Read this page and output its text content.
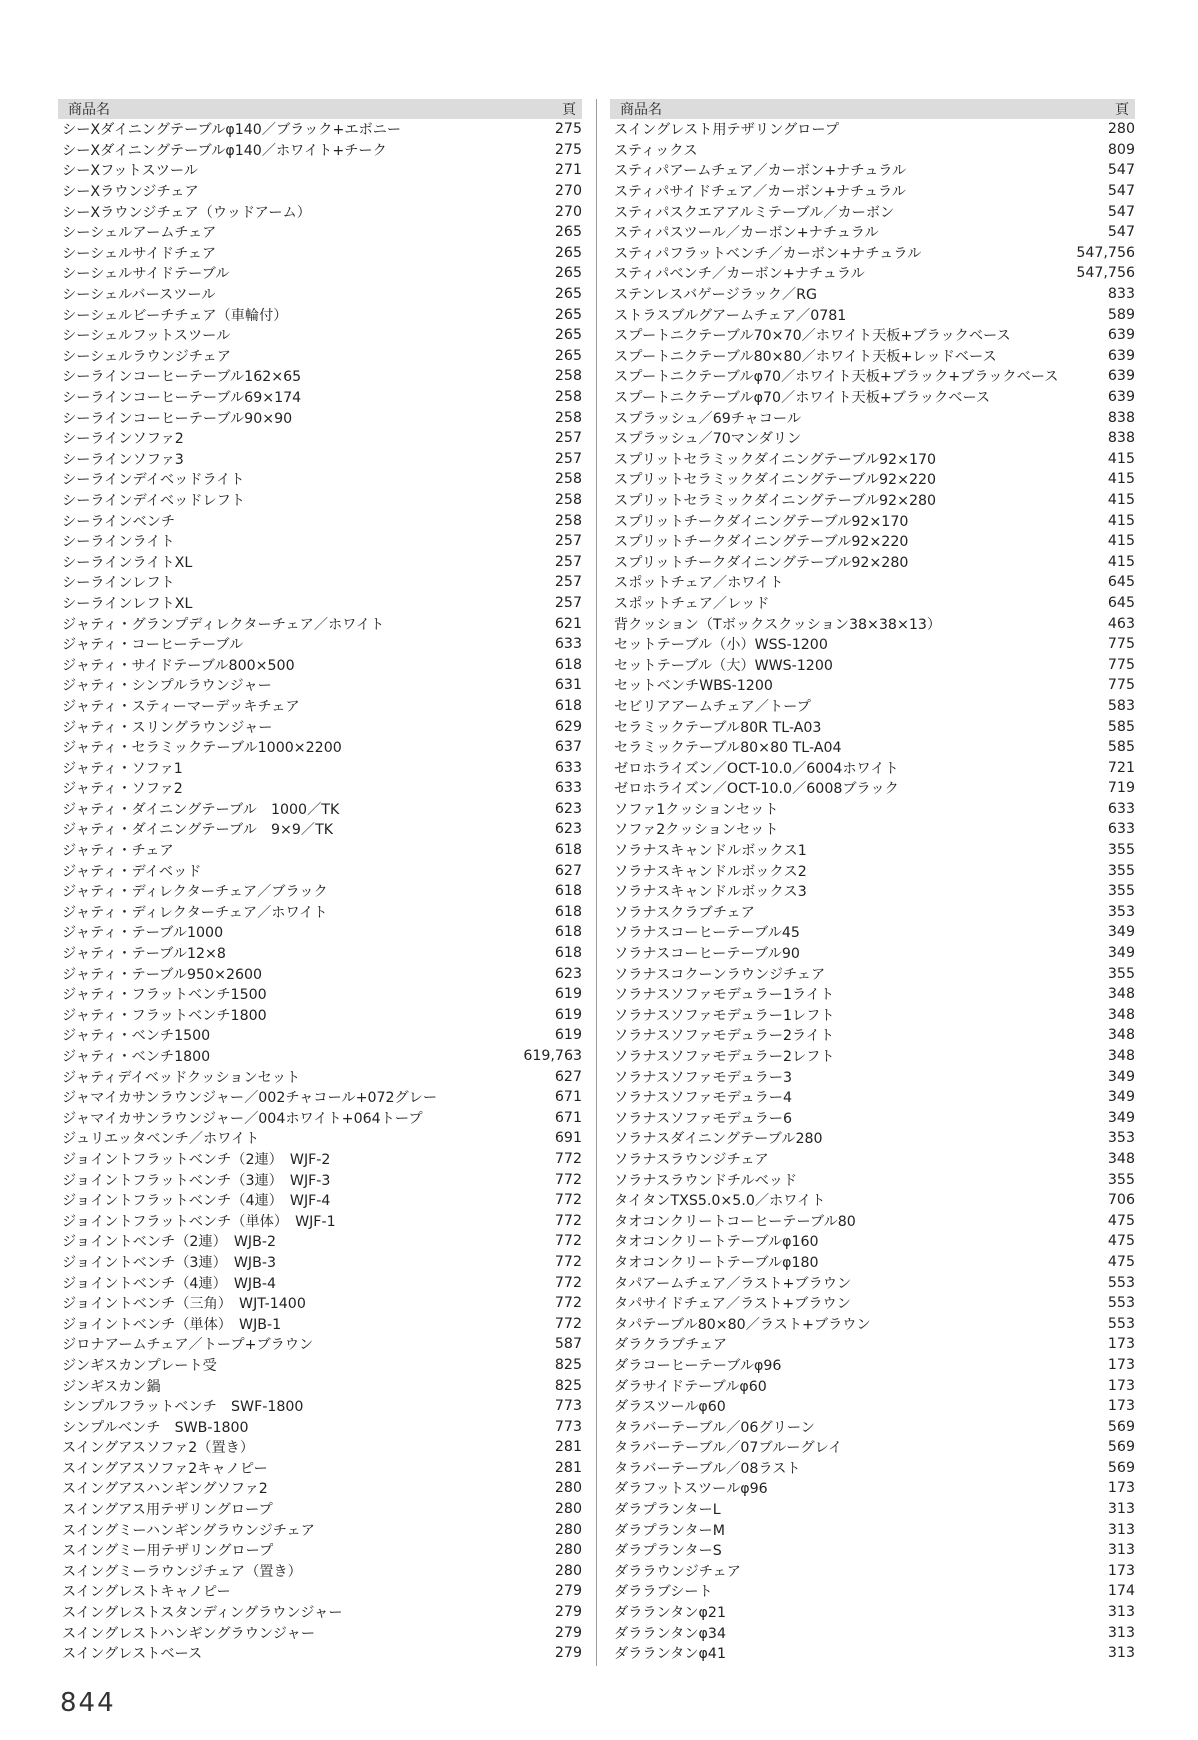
商品名	頁
シーXダイニングテーブルφ140／ブラック+エボニー	275
シーXダイニングテーブルφ140／ホワイト+チーク	275
シーXフットスツール	271
シーXラウンジチェア	270
シーXラウンジチェア（ウッドアーム）	270
シーシェルアームチェア	265
シーシェルサイドチェア	265
シーシェルサイドテーブル	265
シーシェルバースツール	265
シーシェルビーチチェア（車輪付）	265
シーシェルフットスツール	265
シーシェルラウンジチェア	265
シーラインコーヒーテーブル162×65	258
シーラインコーヒーテーブル69×174	258
シーラインコーヒーテーブル90×90	258
シーラインソファ2	257
シーラインソファ3	257
シーラインデイベッドライト	258
シーラインデイベッドレフト	258
シーラインベンチ	258
シーラインライト	257
シーラインライトXL	257
シーラインレフト	257
シーラインレフトXL	257
ジャティ・グランプディレクターチェア／ホワイト	621
ジャティ・コーヒーテーブル	633
ジャティ・サイドテーブル800×500	618
ジャティ・シンプルラウンジャー	631
ジャティ・スティーマーデッキチェア	618
ジャティ・スリングラウンジャー	629
ジャティ・セラミックテーブル1000×2200	637
ジャティ・ソファ1	633
ジャティ・ソファ2	633
ジャティ・ダイニングテーブル　1000／TK	623
ジャティ・ダイニングテーブル　9×9／TK	623
ジャティ・チェア	618
ジャティ・デイベッド	627
ジャティ・ディレクターチェア／ブラック	618
ジャティ・ディレクターチェア／ホワイト	618
ジャティ・テーブル1000	618
ジャティ・テーブル12×8	618
ジャティ・テーブル950×2600	623
ジャティ・フラットベンチ1500	619
ジャティ・フラットベンチ1800	619
ジャティ・ベンチ1500	619
ジャティ・ベンチ1800	619,763
ジャティデイベッドクッションセット	627
ジャマイカサンラウンジャー／002チャコール+072グレー	671
ジャマイカサンラウンジャー／004ホワイト+064トープ	671
ジュリエッタベンチ／ホワイト	691
ジョイントフラットベンチ（2連）　WJF-2	772
ジョイントフラットベンチ（3連）　WJF-3	772
ジョイントフラットベンチ（4連）　WJF-4	772
ジョイントフラットベンチ（単体）　WJF-1	772
ジョイントベンチ（2連）　WJB-2	772
ジョイントベンチ（3連）　WJB-3	772
ジョイントベンチ（4連）　WJB-4	772
ジョイントベンチ（三角）　WJT-1400	772
ジョイントベンチ（単体）　WJB-1	772
ジロナアームチェア／トープ+ブラウン	587
ジンギスカンプレート受	825
ジンギスカン鍋	825
シンプルフラットベンチ　SWF-1800	773
シンプルベンチ　SWB-1800	773
スイングアスソファ2（置き）	281
スイングアスソファ2キャノピー	281
スイングアスハンギングソファ2	280
スイングアス用テザリングロープ	280
スイングミーハンギングラウンジチェア	280
スイングミー用テザリングロープ	280
スイングミーラウンジチェア（置き）	280
スイングレストキャノピー	279
スイングレストスタンディングラウンジャー	279
スイングレストハンギングラウンジャー	279
スイングレストベース	279
商品名	頁
スイングレスト用テザリングロープ	280
スティックス	809
スティパアームチェア／カーボン+ナチュラル	547
スティパサイドチェア／カーボン+ナチュラル	547
スティパスクエアアルミテーブル／カーボン	547
スティパスツール／カーボン+ナチュラル	547
スティパフラットベンチ／カーボン+ナチュラル	547,756
スティパベンチ／カーボン+ナチュラル	547,756
ステンレスバゲージラック／RG	833
ストラスブルグアームチェア／0781	589
スプートニクテーブル70×70／ホワイト天板+ブラックベース	639
スプートニクテーブル80×80／ホワイト天板+レッドベース	639
スプートニクテーブルφ70／ホワイト天板+ブラック+ブラックベース	639
スプートニクテーブルφ70／ホワイト天板+ブラックベース	639
スプラッシュ／69チャコール	838
スプラッシュ／70マンダリン	838
スプリットセラミックダイニングテーブル92×170	415
スプリットセラミックダイニングテーブル92×220	415
スプリットセラミックダイニングテーブル92×280	415
スプリットチークダイニングテーブル92×170	415
スプリットチークダイニングテーブル92×220	415
スプリットチークダイニングテーブル92×280	415
スポットチェア／ホワイト	645
スポットチェア／レッド	645
背クッション（Tボックスクッション38×38×13）	463
セットテーブル（小）WSS-1200	775
セットテーブル（大）WWS-1200	775
セットベンチWBS-1200	775
セビリアアームチェア／トープ	583
セラミックテーブル80R TL-A03	585
セラミックテーブル80×80 TL-A04	585
ゼロホライズン／OCT-10.0／6004ホワイト	721
ゼロホライズン／OCT-10.0／6008ブラック	719
ソファ1クッションセット	633
ソファ2クッションセット	633
ソラナスキャンドルボックス1	355
ソラナスキャンドルボックス2	355
ソラナスキャンドルボックス3	355
ソラナスクラブチェア	353
ソラナスコーヒーテーブル45	349
ソラナスコーヒーテーブル90	349
ソラナスコクーンラウンジチェア	355
ソラナスソファモデュラー1ライト	348
ソラナスソファモデュラー1レフト	348
ソラナスソファモデュラー2ライト	348
ソラナスソファモデュラー2レフト	348
ソラナスソファモデュラー3	349
ソラナスソファモデュラー4	349
ソラナスソファモデュラー6	349
ソラナスダイニングテーブル280	353
ソラナスラウンジチェア	348
ソラナスラウンドチルベッド	355
タイタンTXS5.0×5.0／ホワイト	706
タオコンクリートコーヒーテーブル80	475
タオコンクリートテーブルφ160	475
タオコンクリートテーブルφ180	475
タパアームチェア／ラスト+ブラウン	553
タパサイドチェア／ラスト+ブラウン	553
タパテーブル80×80／ラスト+ブラウン	553
ダラクラブチェア	173
ダラコーヒーテーブルφ96	173
ダラサイドテーブルφ60	173
ダラスツールφ60	173
タラバーテーブル／06グリーン	569
タラバーテーブル／07ブルーグレイ	569
タラバーテーブル／08ラスト	569
ダラフットスツールφ96	173
ダラプランターL	313
ダラプランターM	313
ダラプランターS	313
ダララウンジチェア	173
ダララブシート	174
ダラランタンφ21	313
ダラランタンφ34	313
ダラランタンφ41	313
844
